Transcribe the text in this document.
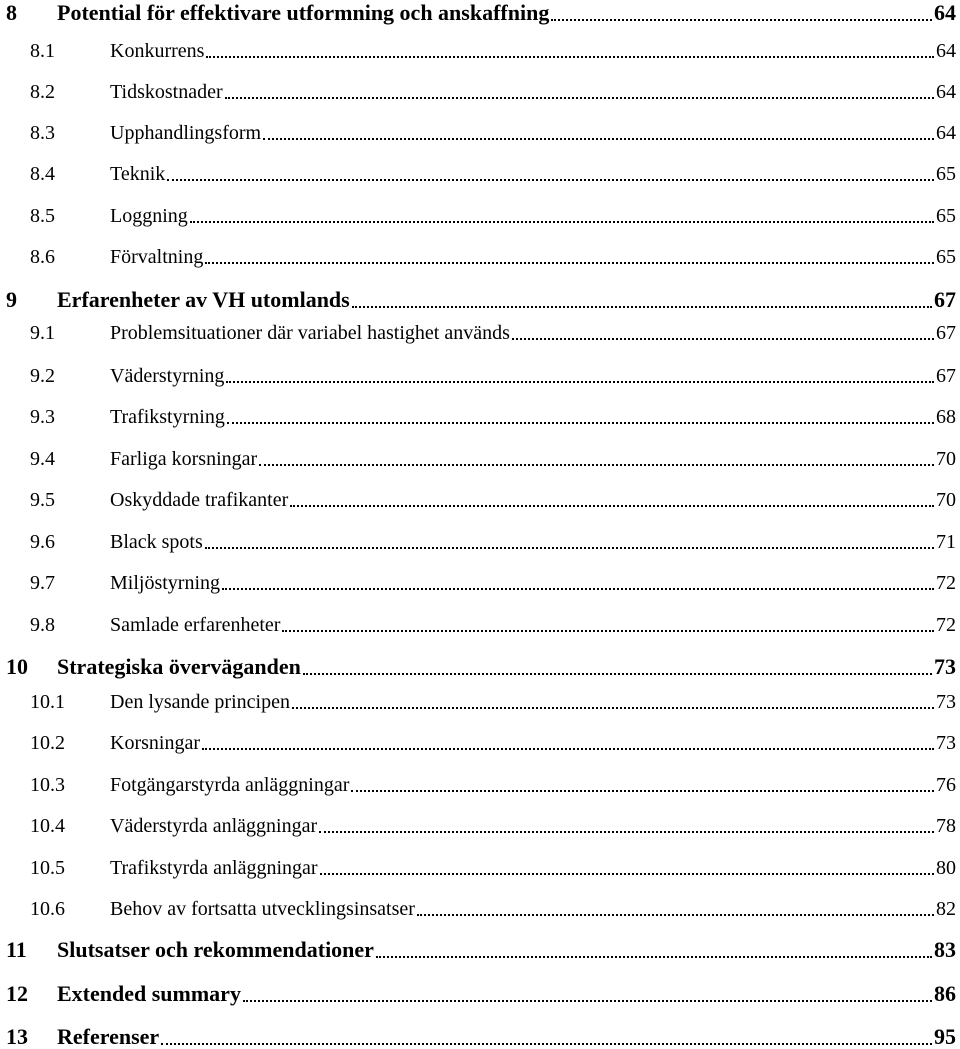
8	Potential för effektivare utformning och anskaffning	64
8.1	Konkurrens	64
8.2	Tidskostnader	64
8.3	Upphandlingsform	64
8.4	Teknik	65
8.5	Loggning	65
8.6	Förvaltning	65
9	Erfarenheter av VH utomlands	67
9.1	Problemsituationer där variabel hastighet används	67
9.2	Väderstyrning	67
9.3	Trafikstyrning	68
9.4	Farliga korsningar	70
9.5	Oskyddade trafikanter	70
9.6	Black spots	71
9.7	Miljöstyrning	72
9.8	Samlade erfarenheter	72
10	Strategiska överväganden	73
10.1	Den lysande principen	73
10.2	Korsningar	73
10.3	Fotgängarstyrda anläggningar	76
10.4	Väderstyrda anläggningar	78
10.5	Trafikstyrda anläggningar	80
10.6	Behov av fortsatta utvecklingsinsatser	82
11	Slutsatser och rekommendationer	83
12	Extended summary	86
13	Referenser	95
